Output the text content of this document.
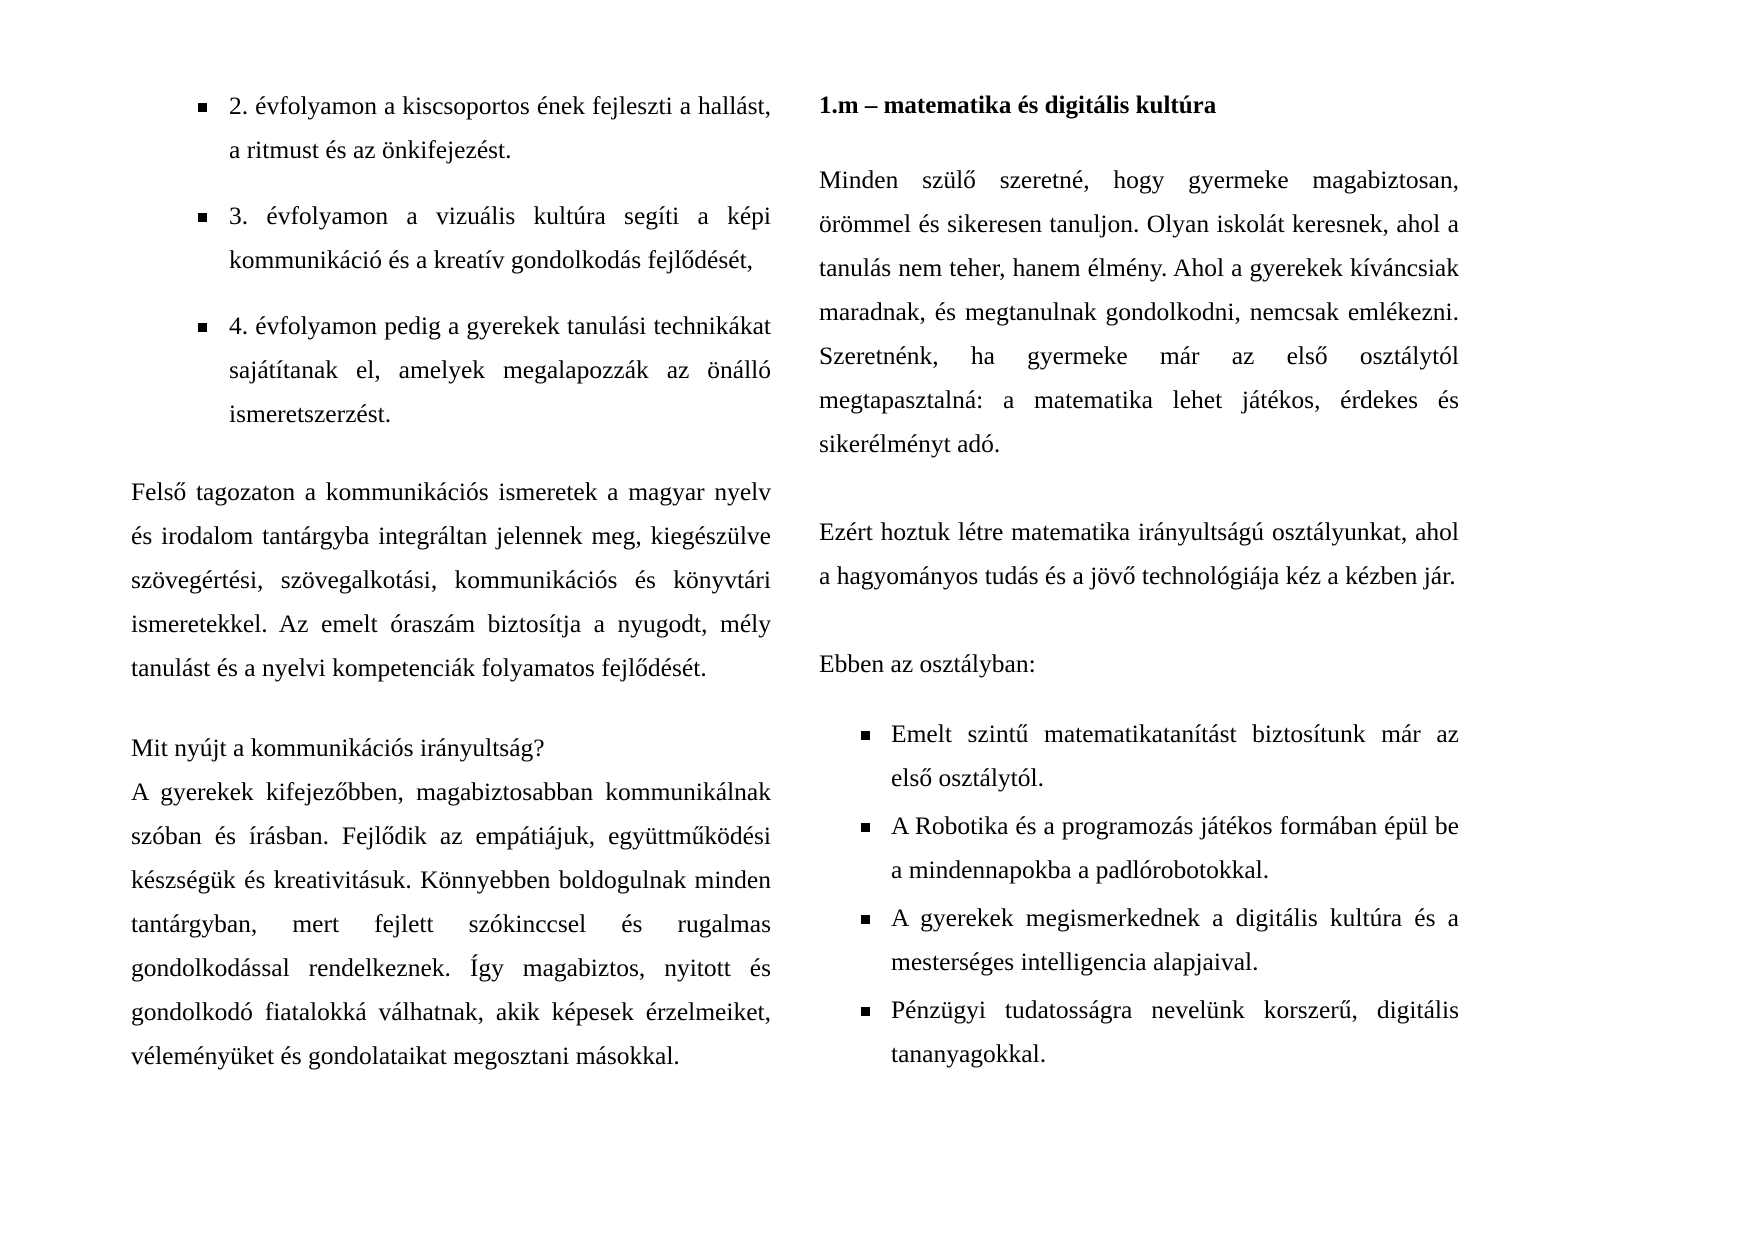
2. évfolyamon a kiscsoportos ének fejleszti a hallást, a ritmust és az önkifejezést.
3. évfolyamon a vizuális kultúra segíti a képi kommunikáció és a kreatív gondolkodás fejlődését,
4. évfolyamon pedig a gyerekek tanulási technikákat sajátítanak el, amelyek megalapozzák az önálló ismeretszerzést.

Felső tagozaton a kommunikációs ismeretek a magyar nyelv és irodalom tantárgyba integráltan jelennek meg, kiegészülve szövegértési, szövegalkotási, kommunikációs és könyvtári ismeretekkel. Az emelt óraszám biztosítja a nyugodt, mély tanulást és a nyelvi kompetenciák folyamatos fejlődését.

Mit nyújt a kommunikációs irányultság?

A gyerekek kifejezőbben, magabiztosabban kommunikálnak szóban és írásban. Fejlődik az empátiájuk, együttműködési készségük és kreativitásuk. Könnyebben boldogulnak minden tantárgyban, mert fejlett szókinccsel és rugalmas gondolkodással rendelkeznek. Így magabiztos, nyitott és gondolkodó fiatalokká válhatnak, akik képesek érzelmeiket, véleményüket és gondolataikat megosztani másokkal.

1.m – matematika és digitális kultúra

Minden szülő szeretné, hogy gyermeke magabiztosan, örömmel és sikeresen tanuljon. Olyan iskolát keresnek, ahol a tanulás nem teher, hanem élmény. Ahol a gyerekek kíváncsiak maradnak, és megtanulnak gondolkodni, nemcsak emlékezni. Szeretnénk, ha gyermeke már az első osztálytól megtapasztalná: a matematika lehet játékos, érdekes és sikerélményt adó.

Ezért hoztuk létre matematika irányultságú osztályunkat, ahol a hagyományos tudás és a jövő technológiája kéz a kézben jár.

Ebben az osztályban:

Emelt szintű matematikatanítást biztosítunk már az első osztálytól.
A Robotika és a programozás játékos formában épül be a mindennapokba a padlórobotokkal.
A gyerekek megismerkednek a digitális kultúra és a mesterséges intelligencia alapjaival.
Pénzügyi tudatosságra nevelünk korszerű, digitális tananyagokkal.
